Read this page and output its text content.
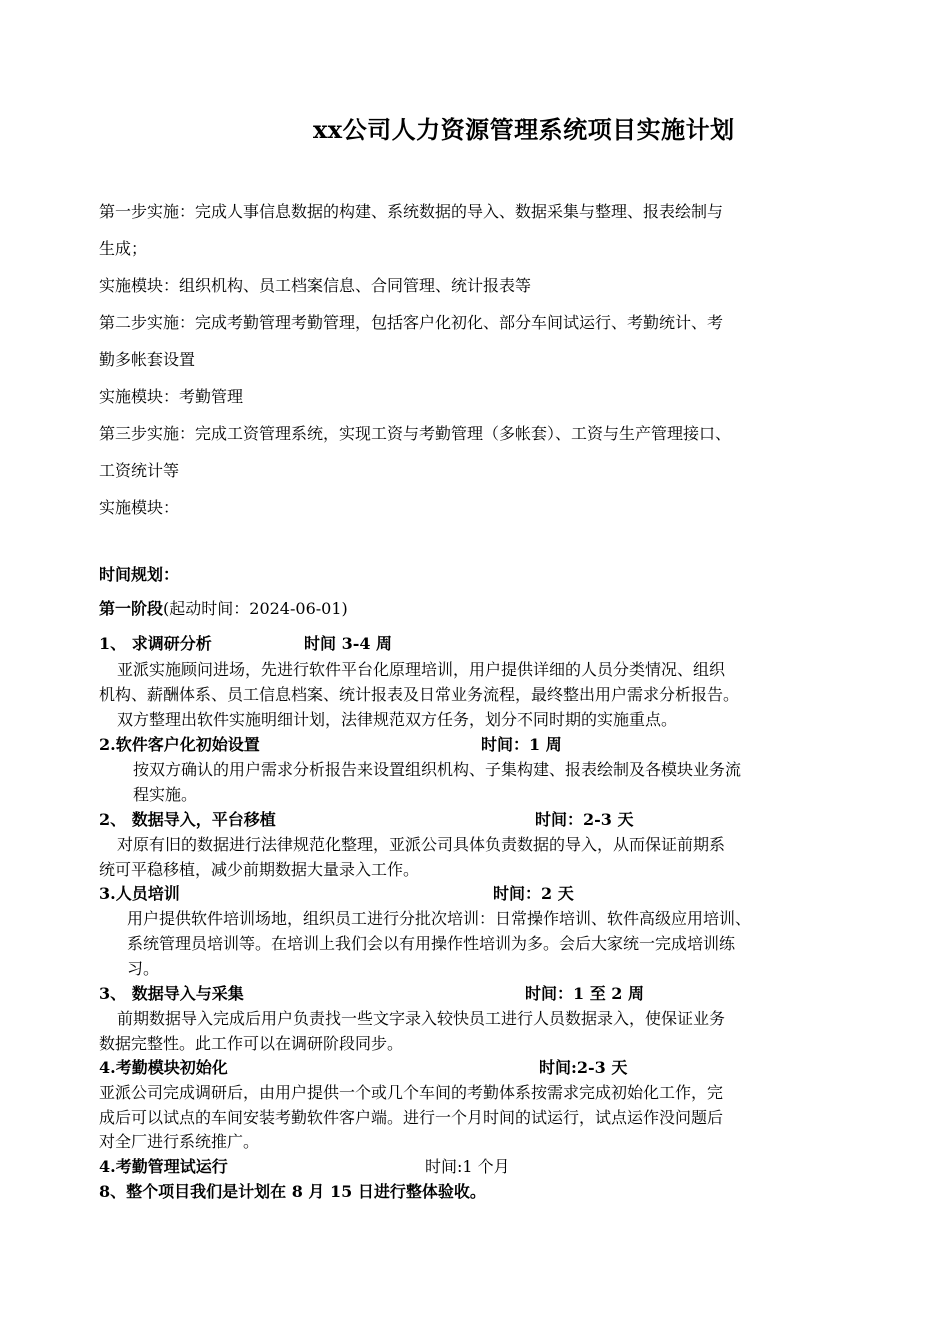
xx公司人力资源管理系统项目实施计划
第一步实施：完成人事信息数据的构建、系统数据的导入、数据采集与整理、报表绘制与
生成；
实施模块：组织机构、员工档案信息、合同管理、统计报表等
第二步实施：完成考勤管理考勤管理，包括客户化初化、部分车间试运行、考勤统计、考
勤多帐套设置
实施模块：考勤管理
第三步实施：完成工资管理系统，实现工资与考勤管理（多帐套）、工资与生产管理接口、
工资统计等
实施模块：
时间规划：
第一阶段(起动时间：2024-06-01)
1、 求调研分析	时间 3-4 周
亚派实施顾问进场，先进行软件平台化原理培训，用户提供详细的人员分类情况、组织
机构、薪酬体系、员工信息档案、统计报表及日常业务流程，最终整出用户需求分析报告。
双方整理出软件实施明细计划，法律规范双方任务，划分不同时期的实施重点。
2.软件客户化初始设置	时间：1 周
按双方确认的用户需求分析报告来设置组织机构、子集构建、报表绘制及各模块业务流
程实施。
2、 数据导入，平台移植	时间：2-3 天
对原有旧的数据进行法律规范化整理，亚派公司具体负责数据的导入，从而保证前期系
统可平稳移植，减少前期数据大量录入工作。
3.人员培训	时间：2 天
用户提供软件培训场地，组织员工进行分批次培训：日常操作培训、软件高级应用培训、
系统管理员培训等。在培训上我们会以有用操作性培训为多。会后大家统一完成培训练
习。
3、 数据导入与采集	时间：1 至 2 周
前期数据导入完成后用户负责找一些文字录入较快员工进行人员数据录入，使保证业务
数据完整性。此工作可以在调研阶段同步。
4.考勤模块初始化	时间:2-3 天
亚派公司完成调研后，由用户提供一个或几个车间的考勤体系按需求完成初始化工作，完
成后可以试点的车间安装考勤软件客户端。进行一个月时间的试运行，试点运作没问题后
对全厂进行系统推广。
4.考勤管理试运行	时间:1 个月
8、整个项目我们是计划在 8 月 15 日进行整体验收。
